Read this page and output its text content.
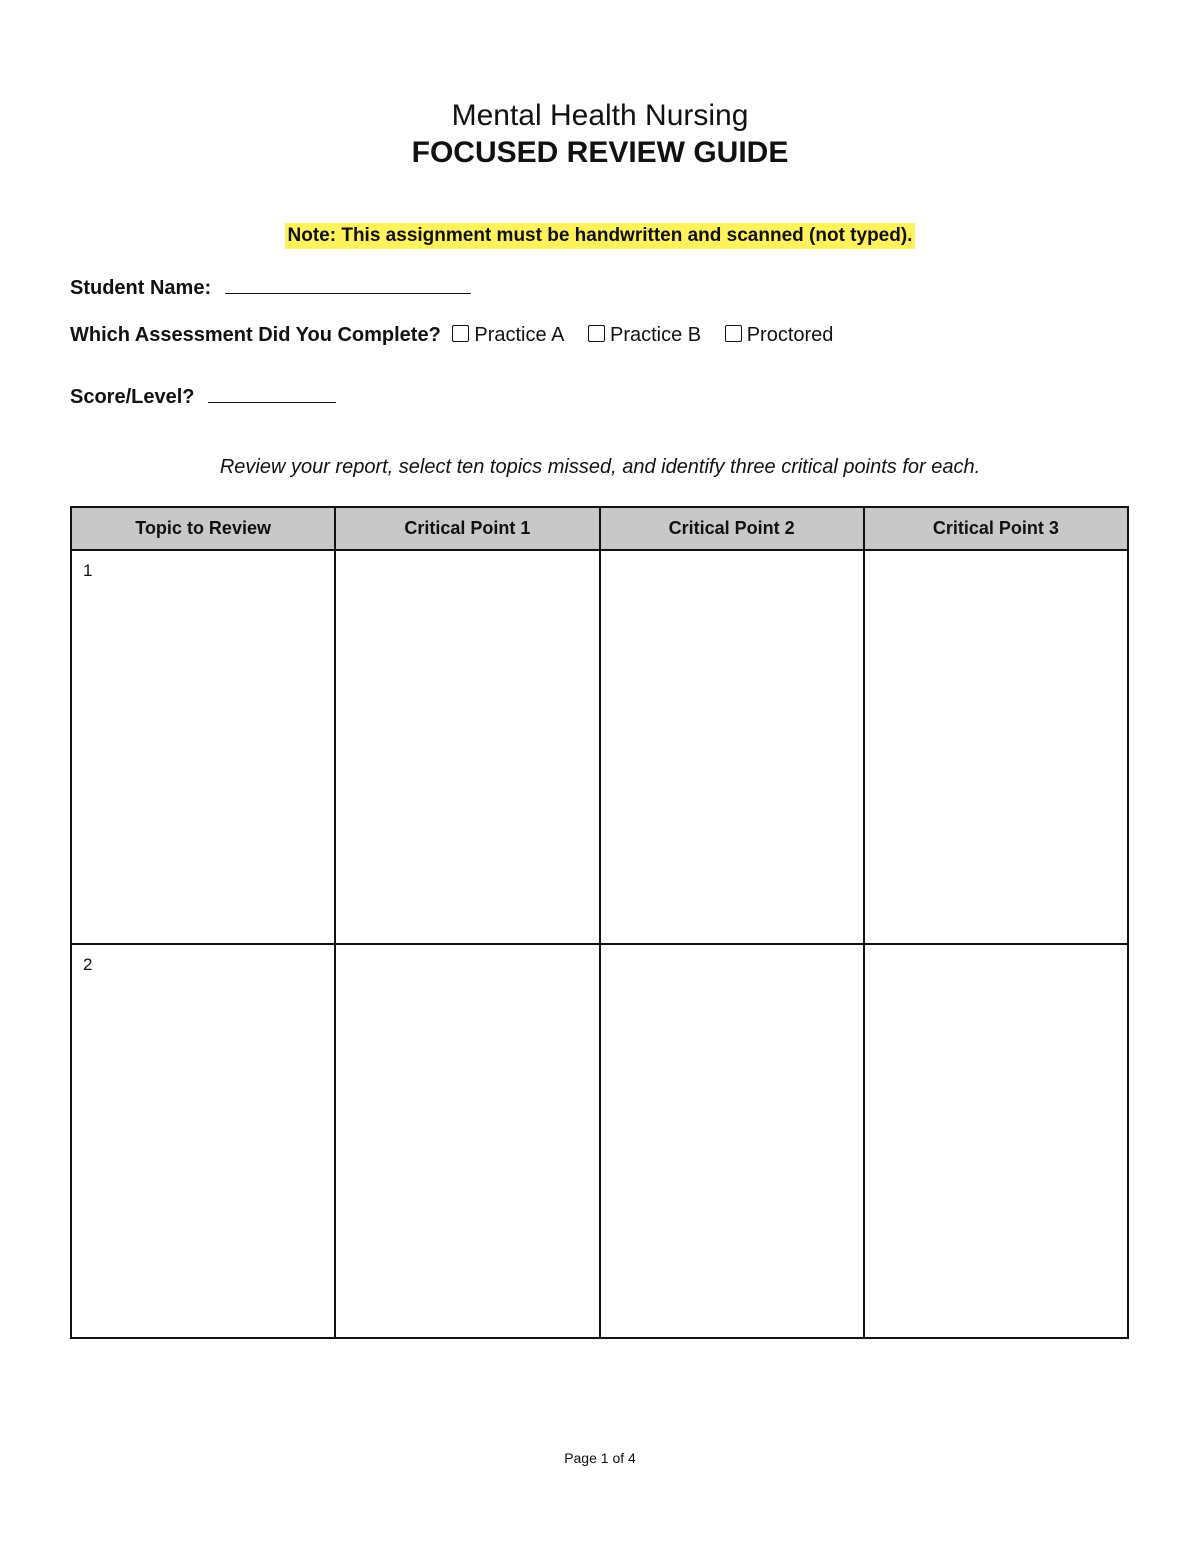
Mental Health Nursing
FOCUSED REVIEW GUIDE
Note: This assignment must be handwritten and scanned (not typed).
Student Name:
Which Assessment Did You Complete? Practice A Practice B Proctored
Score/Level?
Review your report, select ten topics missed, and identify three critical points for each.
Topic to Review	Critical Point 1	Critical Point 2	Critical Point 3

1			

2			

Page 1 of 4
